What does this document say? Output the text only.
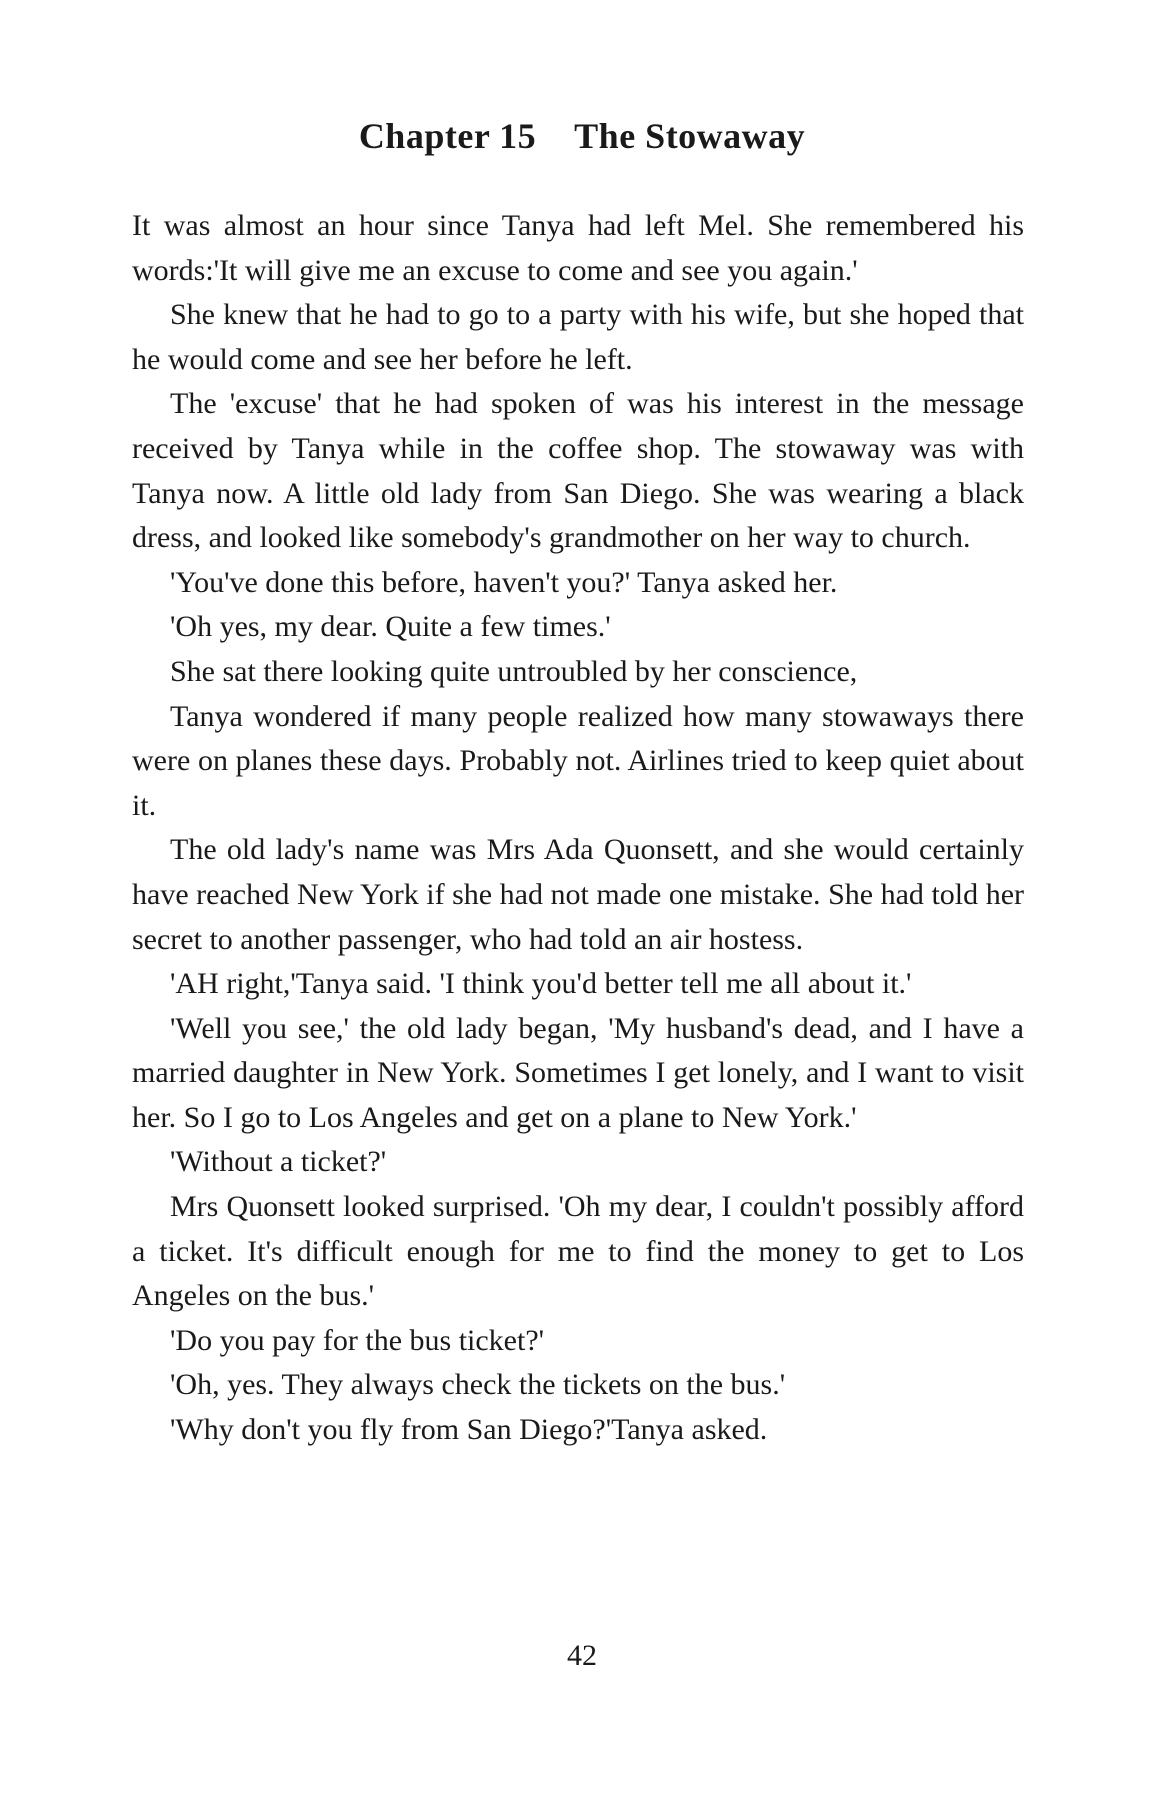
Chapter 15 The Stowaway

It was almost an hour since Tanya had left Mel. She remembered his words:'It will give me an excuse to come and see you again.'

She knew that he had to go to a party with his wife, but she hoped that he would come and see her before he left.

The 'excuse' that he had spoken of was his interest in the message received by Tanya while in the coffee shop. The stowaway was with Tanya now. A little old lady from San Diego. She was wearing a black dress, and looked like somebody's grandmother on her way to church.

'You've done this before, haven't you?' Tanya asked her.

'Oh yes, my dear. Quite a few times.'

She sat there looking quite untroubled by her conscience,

Tanya wondered if many people realized how many stowaways there were on planes these days. Probably not. Airlines tried to keep quiet about it.

The old lady's name was Mrs Ada Quonsett, and she would certainly have reached New York if she had not made one mistake. She had told her secret to another passenger, who had told an air hostess.

'AH right,'Tanya said. 'I think you'd better tell me all about it.'

'Well you see,' the old lady began, 'My husband's dead, and I have a married daughter in New York. Sometimes I get lonely, and I want to visit her. So I go to Los Angeles and get on a plane to New York.'

'Without a ticket?'

Mrs Quonsett looked surprised. 'Oh my dear, I couldn't possibly afford a ticket. It's difficult enough for me to find the money to get to Los Angeles on the bus.'

'Do you pay for the bus ticket?'

'Oh, yes. They always check the tickets on the bus.'

'Why don't you fly from San Diego?'Tanya asked.

42
